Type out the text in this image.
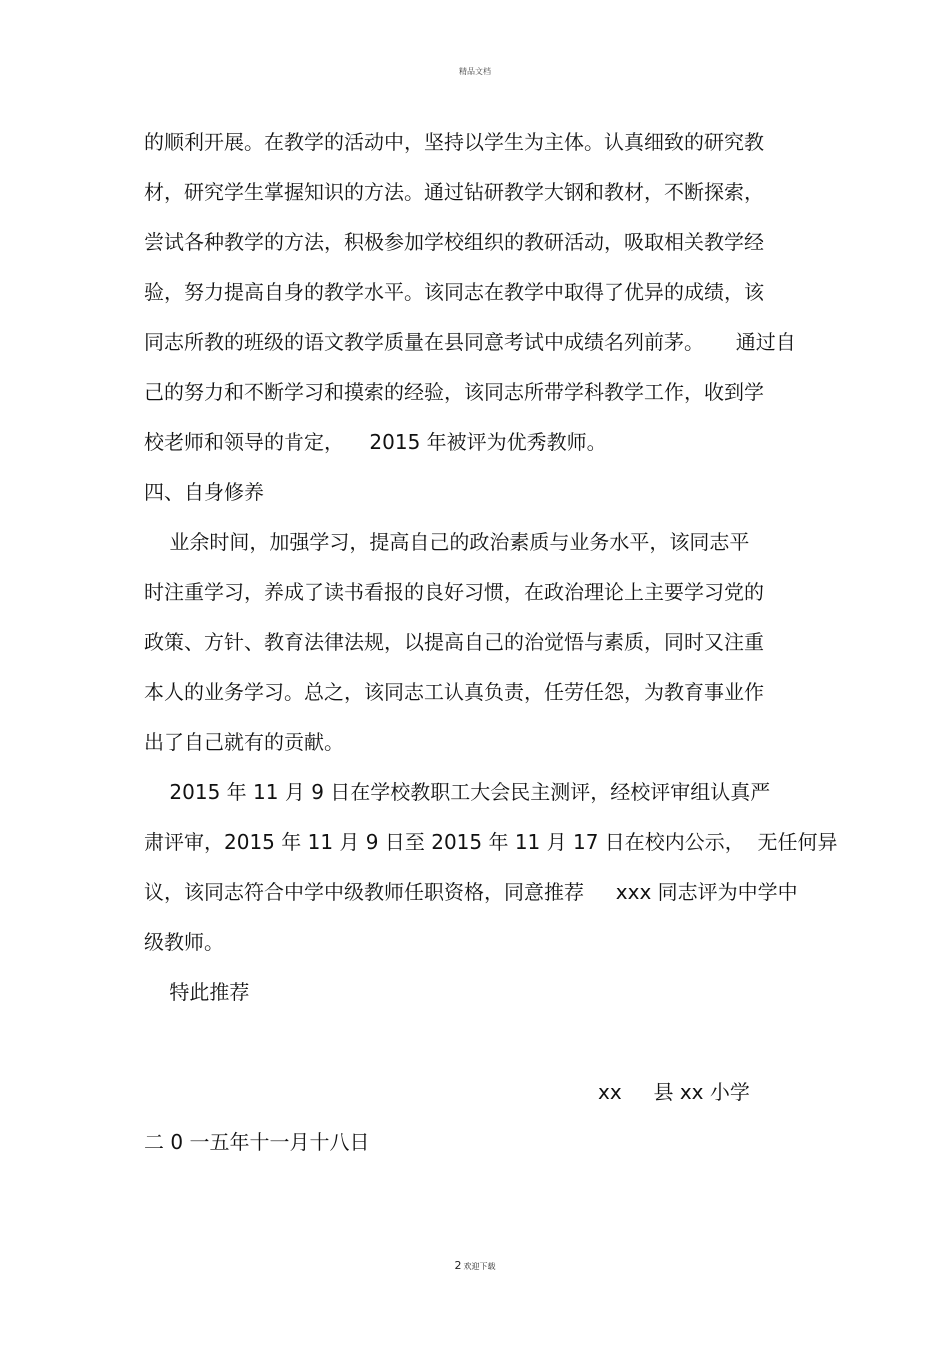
精品文档
的顺利开展。在教学的活动中，坚持以学生为主体。认真细致的研究教
材，研究学生掌握知识的方法。通过钻研教学大钢和教材，不断探索，
尝试各种教学的方法，积极参加学校组织的教研活动，吸取相关教学经
验，努力提高自身的教学水平。该同志在教学中取得了优异的成绩，该
同志所教的班级的语文教学质量在县同意考试中成绩名列前茅。     通过自
己的努力和不断学习和摸索的经验，该同志所带学科教学工作，收到学
校老师和领导的肯定，    2015 年被评为优秀教师。
四、自身修养
业余时间，加强学习，提高自己的政治素质与业务水平，该同志平
时注重学习，养成了读书看报的良好习惯，在政治理论上主要学习党的
政策、方针、教育法律法规，以提高自己的治觉悟与素质，同时又注重
本人的业务学习。总之，该同志工认真负责，任劳任怨，为教育事业作
出了自己就有的贡献。
2015 年 11 月 9 日在学校教职工大会民主测评，经校评审组认真严
肃评审，2015 年 11 月 9 日至 2015 年 11 月 17 日在校内公示，  无任何异
议，该同志符合中学中级教师任职资格，同意推荐     xxx 同志评为中学中
级教师。
特此推荐
xx     县 xx 小学
二 0 一五年十一月十八日
2 欢迎下载
